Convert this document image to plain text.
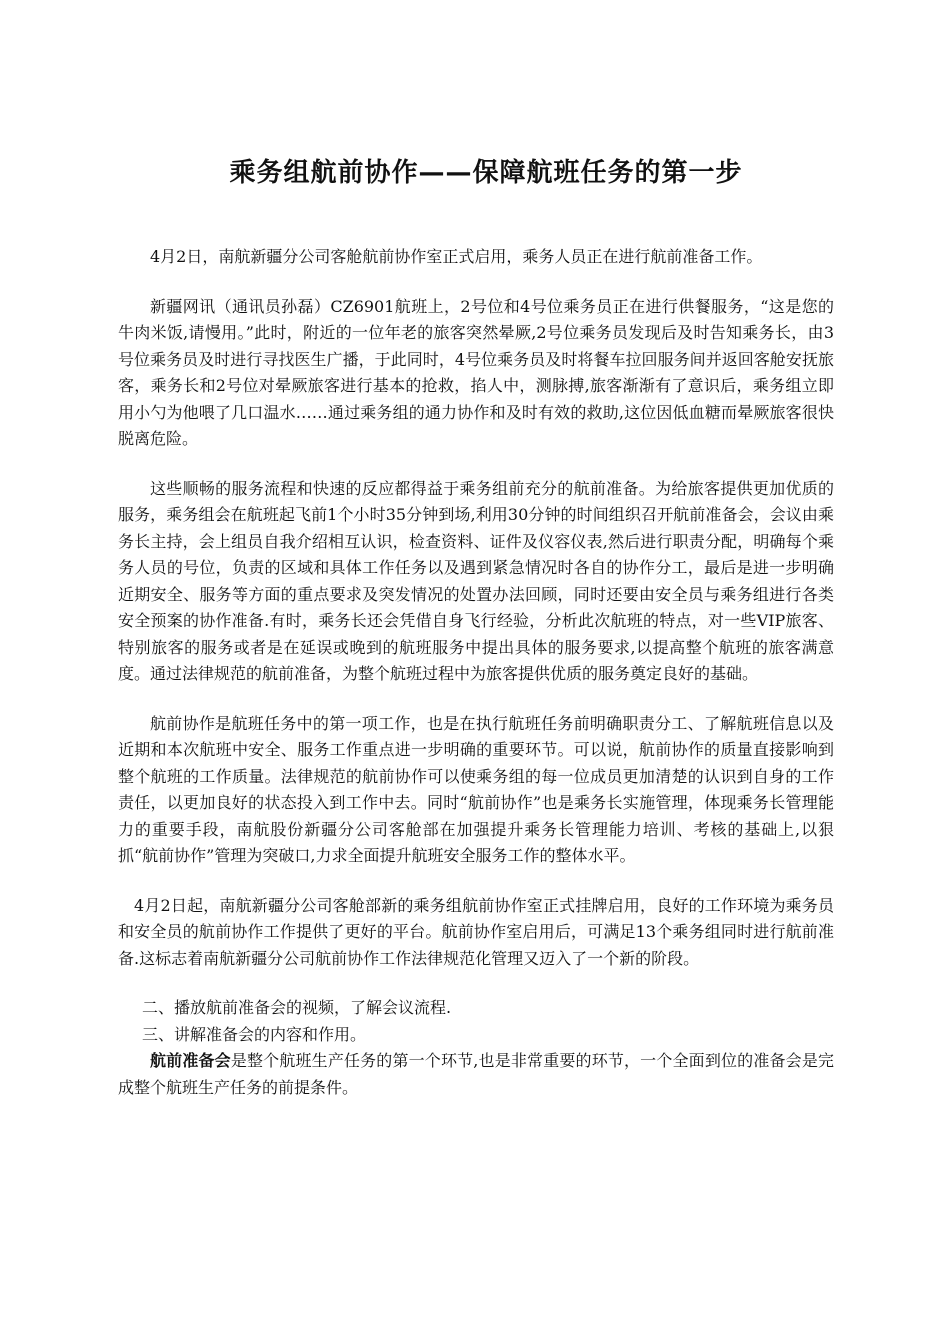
乘务组航前协作——保障航班任务的第一步

4月2日，南航新疆分公司客舱航前协作室正式启用，乘务人员正在进行航前准备工作。

新疆网讯（通讯员孙磊）CZ6901航班上，2号位和4号位乘务员正在进行供餐服务，“这是您的牛肉米饭,请慢用。”此时，附近的一位年老的旅客突然晕厥,2号位乘务员发现后及时告知乘务长，由3号位乘务员及时进行寻找医生广播，于此同时，4号位乘务员及时将餐车拉回服务间并返回客舱安抚旅客，乘务长和2号位对晕厥旅客进行基本的抢救，掐人中，测脉搏,旅客渐渐有了意识后，乘务组立即用小勺为他喂了几口温水……通过乘务组的通力协作和及时有效的救助,这位因低血糖而晕厥旅客很快脱离危险。

这些顺畅的服务流程和快速的反应都得益于乘务组前充分的航前准备。为给旅客提供更加优质的服务，乘务组会在航班起飞前1个小时35分钟到场,利用30分钟的时间组织召开航前准备会，会议由乘务长主持，会上组员自我介绍相互认识，检查资料、证件及仪容仪表,然后进行职责分配，明确每个乘务人员的号位，负责的区域和具体工作任务以及遇到紧急情况时各自的协作分工，最后是进一步明确近期安全、服务等方面的重点要求及突发情况的处置办法回顾，同时还要由安全员与乘务组进行各类安全预案的协作准备.有时，乘务长还会凭借自身飞行经验，分析此次航班的特点，对一些VIP旅客、特别旅客的服务或者是在延误或晚到的航班服务中提出具体的服务要求,以提高整个航班的旅客满意度。通过法律规范的航前准备，为整个航班过程中为旅客提供优质的服务奠定良好的基础。

航前协作是航班任务中的第一项工作，也是在执行航班任务前明确职责分工、了解航班信息以及近期和本次航班中安全、服务工作重点进一步明确的重要环节。可以说，航前协作的质量直接影响到整个航班的工作质量。法律规范的航前协作可以使乘务组的每一位成员更加清楚的认识到自身的工作责任，以更加良好的状态投入到工作中去。同时“航前协作”也是乘务长实施管理，体现乘务长管理能力的重要手段，南航股份新疆分公司客舱部在加强提升乘务长管理能力培训、考核的基础上,以狠抓“航前协作”管理为突破口,力求全面提升航班安全服务工作的整体水平。

4月2日起，南航新疆分公司客舱部新的乘务组航前协作室正式挂牌启用，良好的工作环境为乘务员和安全员的航前协作工作提供了更好的平台。航前协作室启用后，可满足13个乘务组同时进行航前准备.这标志着南航新疆分公司航前协作工作法律规范化管理又迈入了一个新的阶段。

二、播放航前准备会的视频，了解会议流程.

三、讲解准备会的内容和作用。

航前准备会是整个航班生产任务的第一个环节,也是非常重要的环节，一个全面到位的准备会是完成整个航班生产任务的前提条件。
